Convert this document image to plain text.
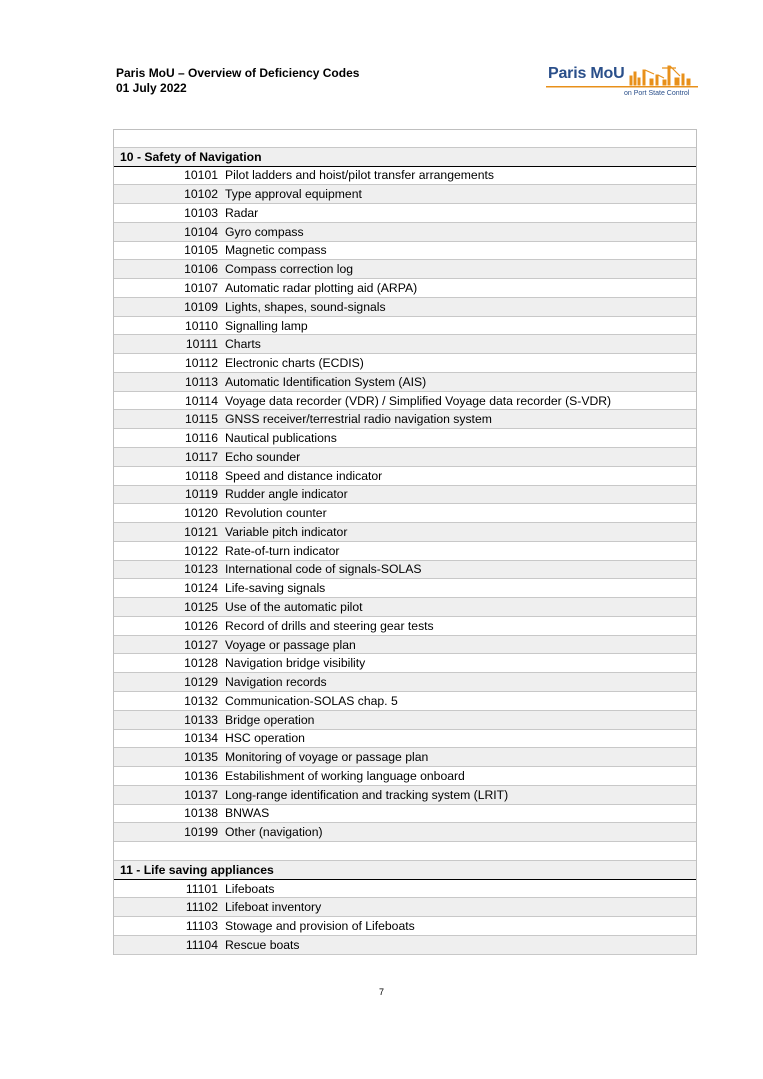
Paris MoU – Overview of Deficiency Codes
01 July 2022
Paris MoU
on Port State Control
10 - Safety of Navigation
10101 Pilot ladders and hoist/pilot transfer arrangements
10102 Type approval equipment
10103 Radar
10104 Gyro compass
10105 Magnetic compass
10106 Compass correction log
10107 Automatic radar plotting aid (ARPA)
10109 Lights, shapes, sound-signals
10110 Signalling lamp
10111 Charts
10112 Electronic charts (ECDIS)
10113 Automatic Identification System (AIS)
10114 Voyage data recorder (VDR) / Simplified Voyage data recorder (S-VDR)
10115 GNSS receiver/terrestrial radio navigation system
10116 Nautical publications
10117 Echo sounder
10118 Speed and distance indicator
10119 Rudder angle indicator
10120 Revolution counter
10121 Variable pitch indicator
10122 Rate-of-turn indicator
10123 International code of signals-SOLAS
10124 Life-saving signals
10125 Use of the automatic pilot
10126 Record of drills and steering gear tests
10127 Voyage or passage plan
10128 Navigation bridge visibility
10129 Navigation records
10132 Communication-SOLAS chap. 5
10133 Bridge operation
10134 HSC operation
10135 Monitoring of voyage or passage plan
10136 Estabilishment of working language onboard
10137 Long-range identification and tracking system (LRIT)
10138 BNWAS
10199 Other (navigation)
11 - Life saving appliances
11101 Lifeboats
11102 Lifeboat inventory
11103 Stowage and provision of Lifeboats
11104 Rescue boats
7
